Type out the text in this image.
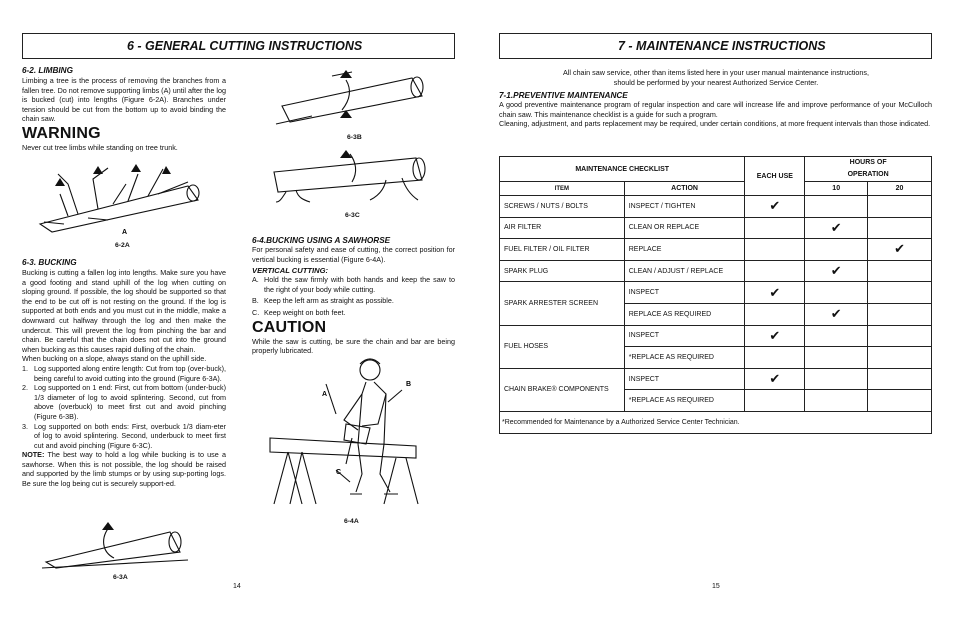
6 - GENERAL CUTTING INSTRUCTIONS
6-2. LIMBING
Limbing a tree is the process of removing the branches from a fallen tree. Do not remove supporting limbs (A) until after the log is bucked (cut) into lengths (Figure 6-2A). Branches under tension should be cut from the bottom up to avoid binding the chain saw.
WARNING
Never cut tree limbs while standing on tree trunk.
A
6-2A
6-3. BUCKING
Bucking is cutting a fallen log into lengths. Make sure you have a good footing and stand uphill of the log when cutting on sloping ground. If possible, the log should be supported so that the end to be cut off is not resting on the ground. If the log is supported at both ends and you must cut in the middle, make a downward cut halfway through the log and then make the undercut. This will prevent the log from pinching the bar and chain. Be careful that the chain does not cut into the ground when bucking as this causes rapid dulling of the chain.
When bucking on a slope, always stand on the uphill side.
1. Log supported along entire length: Cut from top (over-buck), being careful to avoid cutting into the ground (Figure 6-3A).
2. Log supported on 1 end: First, cut from bottom (under-buck) 1/3 diameter of log to avoid splintering. Second, cut from above (overbuck) to meet first cut and avoid pinching (Figure 6-3B).
3. Log supported on both ends: First, overbuck 1/3 diam-eter of log to avoid splintering. Second, underbuck to meet first cut and avoid pinching (Figure 6-3C).
NOTE: The best way to hold a log while bucking is to use a sawhorse. When this is not possible, the log should be raised and supported by the limb stumps or by using sup-porting logs. Be sure the log being cut is securely support-ed.
6-3A
14
6-3B
6-3C
6-4.BUCKING USING A SAWHORSE
For personal safety and ease of cutting, the correct position for vertical bucking is essential (Figure 6-4A).
VERTICAL CUTTING:
A. Hold the saw firmly with both hands and keep the saw to the right of your body while cutting.
B. Keep the left arm as straight as possible.
C. Keep weight on both feet.
CAUTION
While the saw is cutting, be sure the chain and bar are being properly lubricated.
A
B
C
6-4A
7 - MAINTENANCE INSTRUCTIONS
All chain saw service, other than items listed here in your user manual maintenance instructions, should be performed by your nearest Authorized Service Center.
7-1.PREVENTIVE MAINTENANCE
A good preventive maintenance program of regular inspection and care will increase life and improve performance of your McCulloch chain saw. This maintenance checklist is a guide for such a program.
Cleaning, adjustment, and parts replacement may be required, under certain conditions, at more frequent intervals than those indicated.
MAINTENANCE CHECKLIST		EACH USE	HOURS OF
OPERATION	

ITEM	ACTION		10	20
SCREWS / NUTS / BOLTS	INSPECT / TIGHTEN	✔		
AIR FILTER	CLEAN OR REPLACE		✔	
FUEL FILTER / OIL FILTER	REPLACE			✔
SPARK PLUG	CLEAN / ADJUST / REPLACE		✔	
SPARK ARRESTER SCREEN	INSPECT	✔		
	REPLACE AS REQUIRED		✔	
FUEL HOSES	INSPECT	✔		
	*REPLACE AS REQUIRED			
CHAIN BRAKE® COMPONENTS	INSPECT	✔		
	*REPLACE AS REQUIRED			
*Recommended for Maintenance by a Authorized Service Center Technician.				
15
